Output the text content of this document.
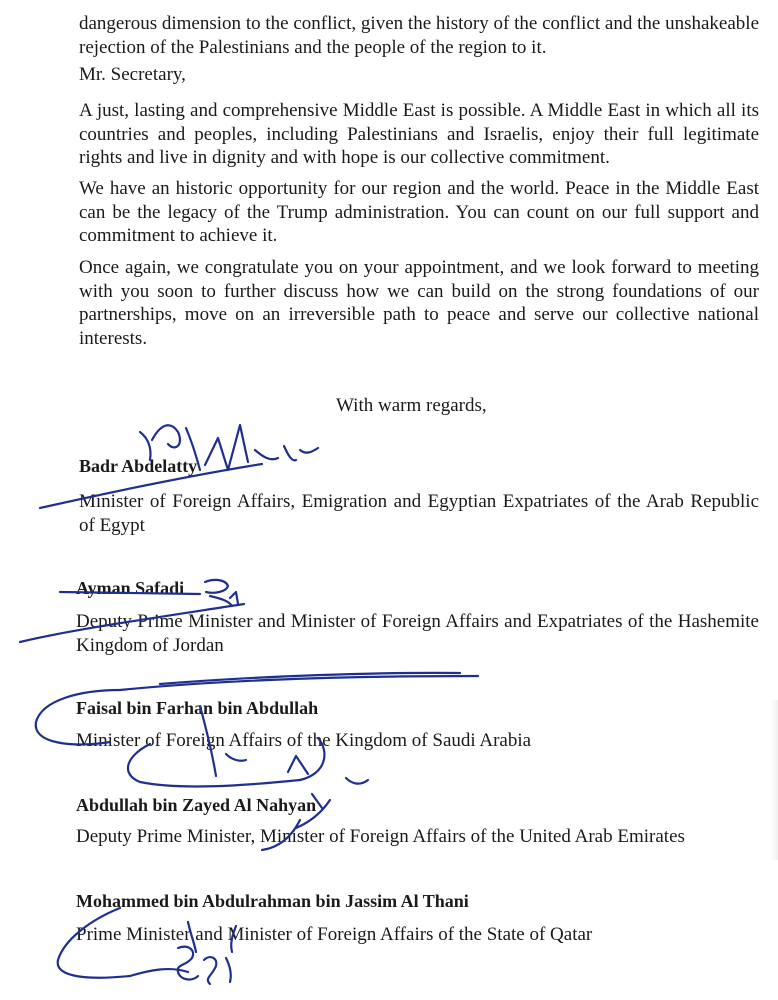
dangerous dimension to the conflict, given the history of the conflict and the unshakeable rejection of the Palestinians and the people of the region to it.

Mr. Secretary,

A just, lasting and comprehensive Middle East is possible. A Middle East in which all its countries and peoples, including Palestinians and Israelis, enjoy their full legitimate rights and live in dignity and with hope is our collective commitment.

We have an historic opportunity for our region and the world. Peace in the Middle East can be the legacy of the Trump administration. You can count on our full support and commitment to achieve it.

Once again, we congratulate you on your appointment, and we look forward to meeting with you soon to further discuss how we can build on the strong foundations of our partnerships, move on an irreversible path to peace and serve our collective national interests.

With warm regards,

Badr Abdelatty

Minister of Foreign Affairs, Emigration and Egyptian Expatriates of the Arab Republic of Egypt

Ayman Safadi

Deputy Prime Minister and Minister of Foreign Affairs and Expatriates of the Hashemite Kingdom of Jordan

Faisal bin Farhan bin Abdullah

Minister of Foreign Affairs of the Kingdom of Saudi Arabia

Abdullah bin Zayed Al Nahyan

Deputy Prime Minister, Minister of Foreign Affairs of the United Arab Emirates

Mohammed bin Abdulrahman bin Jassim Al Thani

Prime Minister and Minister of Foreign Affairs of the State of Qatar
